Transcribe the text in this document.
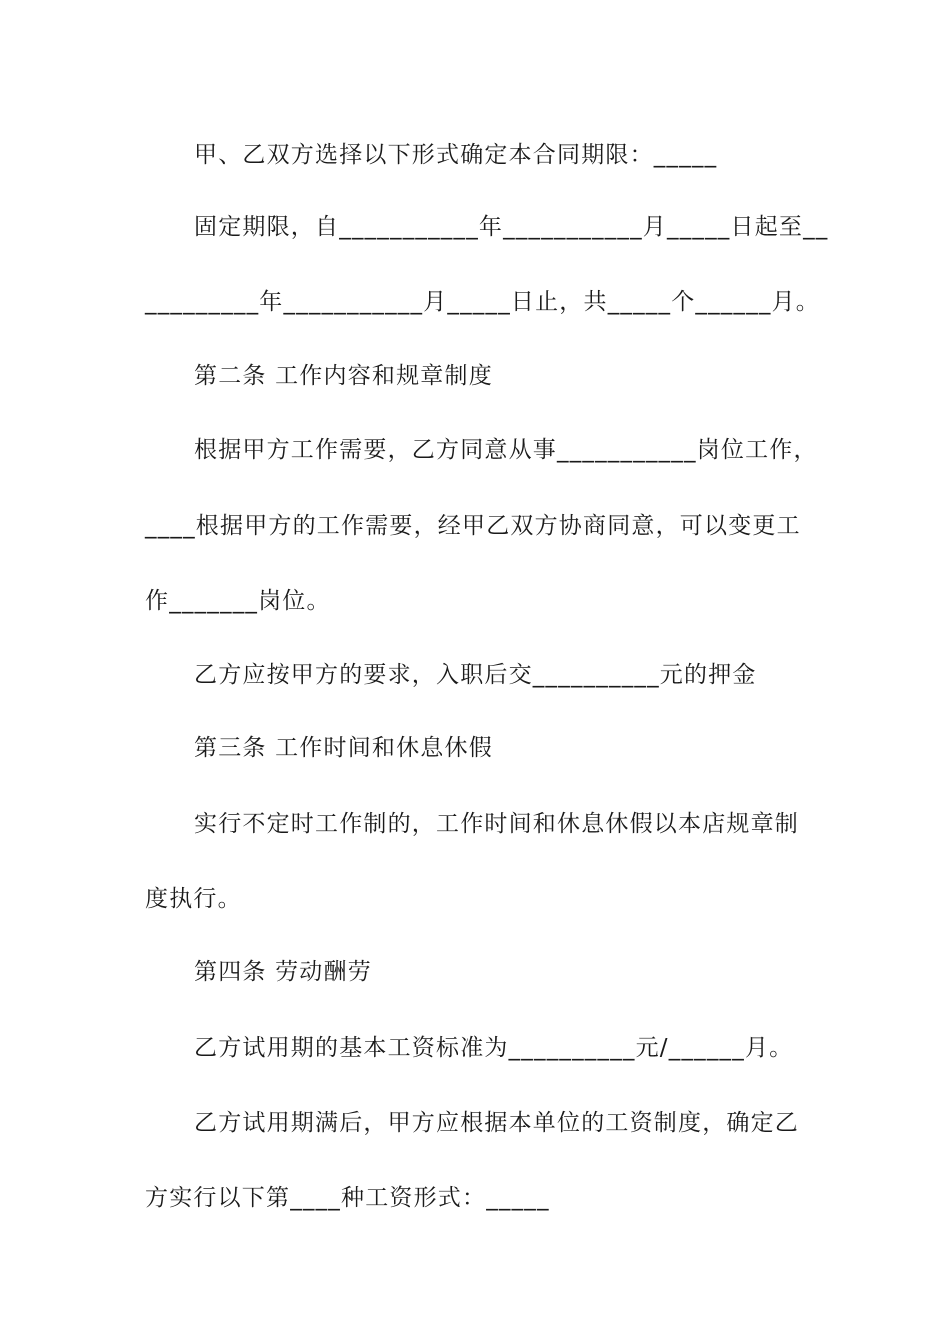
甲、乙双方选择以下形式确定本合同期限：_____
固定期限，自___________年___________月_____日起至__
_________年___________月_____日止，共_____个______月。
第二条 工作内容和规章制度
根据甲方工作需要，乙方同意从事___________岗位工作，
____根据甲方的工作需要，经甲乙双方协商同意，可以变更工
作_______岗位。
乙方应按甲方的要求，入职后交__________元的押金
第三条 工作时间和休息休假
实行不定时工作制的，工作时间和休息休假以本店规章制
度执行。
第四条 劳动酬劳
乙方试用期的基本工资标准为__________元/______月。
乙方试用期满后，甲方应根据本单位的工资制度，确定乙
方实行以下第____种工资形式：_____
